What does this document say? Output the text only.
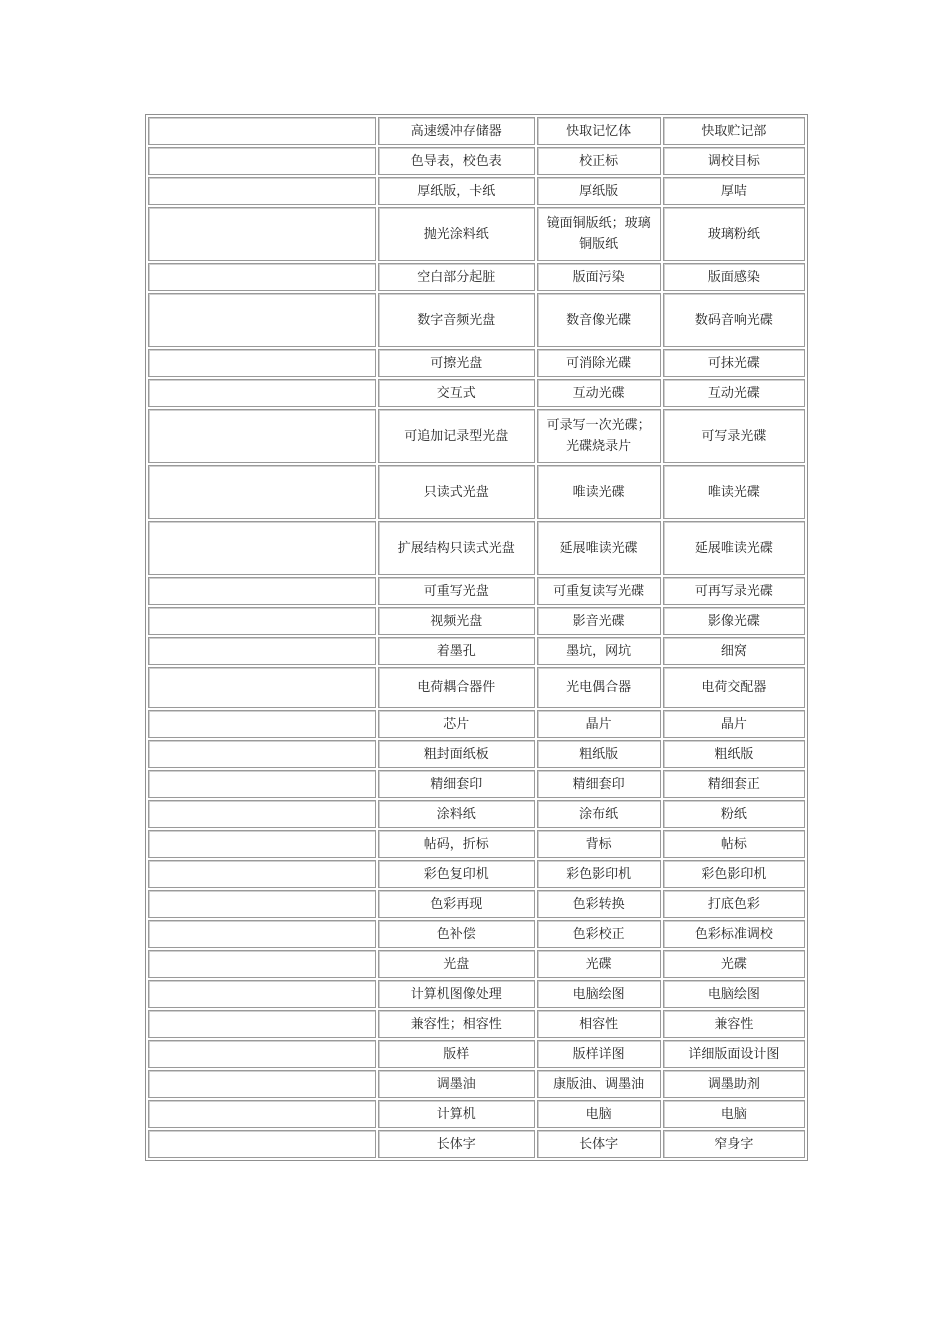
	高速缓冲存储器	快取记忆体	快取贮记部
	色导表，校色表	校正标	调校目标
	厚纸版，卡纸	厚纸版	厚咭
	抛光涂料纸	镜面铜版纸；玻璃铜版纸	玻璃粉纸
	空白部分起脏	版面污染	版面感染
	数字音频光盘	数音像光碟	数码音响光碟
	可擦光盘	可消除光碟	可抹光碟
	交互式	互动光碟	互动光碟
	可追加记录型光盘	可录写一次光碟；光碟烧录片	可写录光碟
	只读式光盘	唯读光碟	唯读光碟
	扩展结构只读式光盘	延展唯读光碟	延展唯读光碟
	可重写光盘	可重复读写光碟	可再写录光碟
	视频光盘	影音光碟	影像光碟
	着墨孔	墨坑，网坑	细窝
	电荷耦合器件	光电偶合器	电荷交配器
	芯片	晶片	晶片
	粗封面纸板	粗纸版	粗纸版
	精细套印	精细套印	精细套正
	涂料纸	涂布纸	粉纸
	帖码，折标	背标	帖标
	彩色复印机	彩色影印机	彩色影印机
	色彩再现	色彩转换	打底色彩
	色补偿	色彩校正	色彩标准调校
	光盘	光碟	光碟
	计算机图像处理	电脑绘图	电脑绘图
	兼容性；相容性	相容性	兼容性
	版样	版样详图	详细版面设计图
	调墨油	康版油、调墨油	调墨助剂
	计算机	电脑	电脑
	长体字	长体字	窄身字
